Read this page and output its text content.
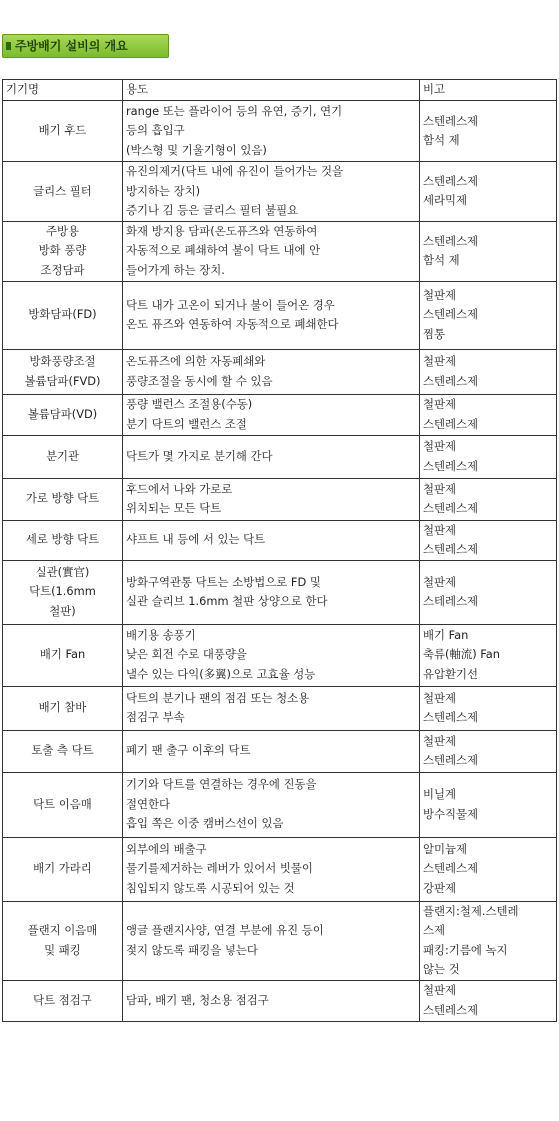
주방배기 설비의 개요
기기명	용도	비고

배기 후드	range 또는 플라이어 등의 유연, 증기, 연기
등의 흡입구
(박스형 및 기울기형이 있음)	스텐레스제
함석 제

글리스 필터	유진의제거(닥트 내에 유진이 들어가는 것을
방지하는 장치)
증기나 김 등은 글리스 필터 불필요	스텐레스제
세라믹제

주방용
방화 풍량
조정담파	화재 방지용 담파(온도퓨즈와 연동하여
자동적으로 폐쇄하여 불이 닥트 내에 안
들어가게 하는 장치.	스텐레스제
함석 제

방화담파(FD)	닥트 내가 고온이 되거나 불이 들어온 경우
온도 퓨즈와 연동하여 자동적으로 폐쇄한다	철판제
스텐레스제
찜통

방화풍량조절
볼륨담파(FVD)	온도퓨즈에 의한 자동폐쇄와
풍량조절을 동시에 할 수 있음	철판제
스텐레스제

볼륨담파(VD)	풍량 밸런스 조절용(수동)
분기 닥트의 밸런스 조절	철판제
스텐레스제

분기관	닥트가 몇 가지로 분기해 간다	철판제
스텐레스제

가로 방향 닥트	후드에서 나와 가로로
위치되는 모든 닥트	철판제
스텐레스제

세로 방향 닥트	샤프트 내 등에 서 있는 닥트	철판제
스텐레스제

실관(實官)
닥트(1.6mm
철판)	방화구역관통 닥트는 소방법으로 FD 및
실관 슬리브 1.6mm 철판 상양으로 한다	철판제
스테레스제

배기 Fan	배기용 송풍기
낮은 회전 수로 대풍량을
낼수 있는 다익(多翼)으로 고효율 성능	배기 Fan
축류(軸流) Fan
유압환기선

배기 참바	닥트의 분기나 팬의 점검 또는 청소용
점검구 부속	철판제
스텐레스제

토출 측 닥트	폐기 팬 출구 이후의 닥트	철판제
스텐레스제

닥트 이음매	기기와 닥트를 연결하는 경우에 진동을
절연한다
흡입 쪽은 이중 캠버스선이 있음	비닐계
방수직물제

배기 가라리	외부에의 배출구
물기를제거하는 레버가 있어서 빗물이
침입되지 않도록 시공되어 있는 것	알미늄제
스텐레스제
강판제

플랜지 이음매
및 패킹	앵글 플랜지사양, 연결 부분에 유진 등이
젖지 않도록 패킹을 넣는다	플랜지:철제.스텐레
스제
패킹:기름에 녹지
않는 것

닥트 점검구	담파, 배기 팬, 청소용 점검구	철판제
스텐레스제
